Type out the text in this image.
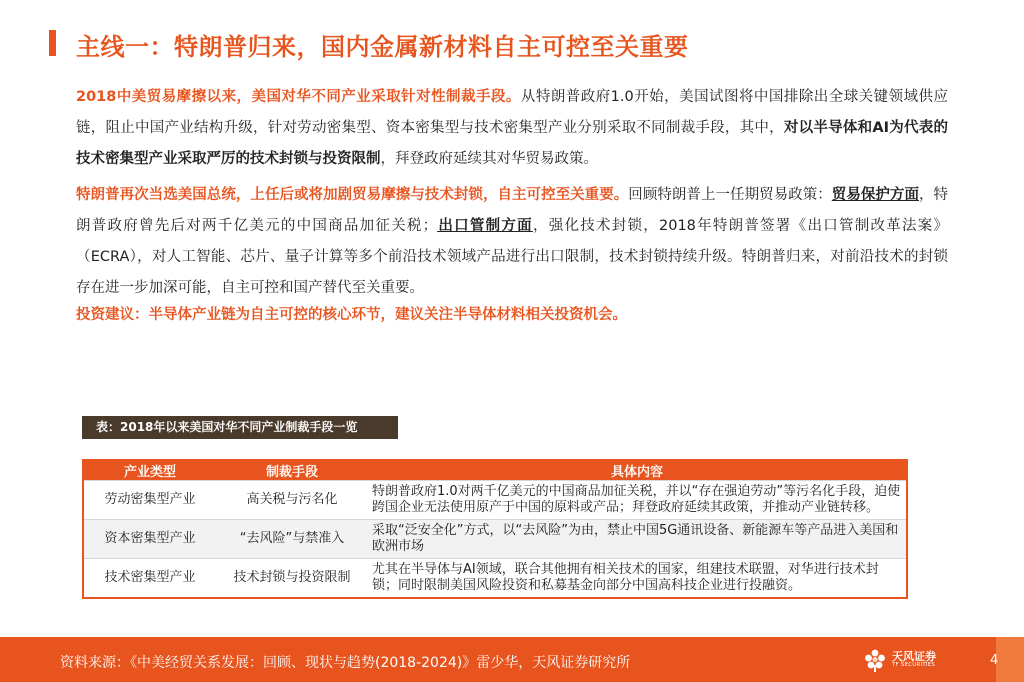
主线一：特朗普归来，国内金属新材料自主可控至关重要
2018中美贸易摩擦以来，美国对华不同产业采取针对性制裁手段。从特朗普政府1.0开始，美国试图将中国排除出全球关键领域供应链，阻止中国产业结构升级，针对劳动密集型、资本密集型与技术密集型产业分别采取不同制裁手段，其中，对以半导体和AI为代表的技术密集型产业采取严厉的技术封锁与投资限制，拜登政府延续其对华贸易政策。
特朗普再次当选美国总统，上任后或将加剧贸易摩擦与技术封锁，自主可控至关重要。回顾特朗普上一任期贸易政策：贸易保护方面，特朗普政府曾先后对两千亿美元的中国商品加征关税；出口管制方面，强化技术封锁，2018年特朗普签署《出口管制改革法案》（ECRA），对人工智能、芯片、量子计算等多个前沿技术领域产品进行出口限制，技术封锁持续升级。特朗普归来，对前沿技术的封锁存在进一步加深可能，自主可控和国产替代至关重要。
投资建议：半导体产业链为自主可控的核心环节，建议关注半导体材料相关投资机会。
表：2018年以来美国对华不同产业制裁手段一览
产业类型	制裁手段	具体内容
劳动密集型产业	高关税与污名化	特朗普政府1.0对两千亿美元的中国商品加征关税，并以“存在强迫劳动”等污名化手段，迫使跨国企业无法使用原产于中国的原料或产品；拜登政府延续其政策，并推动产业链转移。
资本密集型产业	“去风险”与禁准入	采取“泛安全化”方式，以“去风险”为由，禁止中国5G通讯设备、新能源车等产品进入美国和欧洲市场
技术密集型产业	技术封锁与投资限制	尤其在半导体与AI领域，联合其他拥有相关技术的国家，组建技术联盟，对华进行技术封锁；同时限制美国风险投资和私募基金向部分中国高科技企业进行投融资。
资料来源：《中美经贸关系发展：回顾、现状与趋势(2018-2024)》雷少华，天风证券研究所	天风证券
TF SECURITIES	4
